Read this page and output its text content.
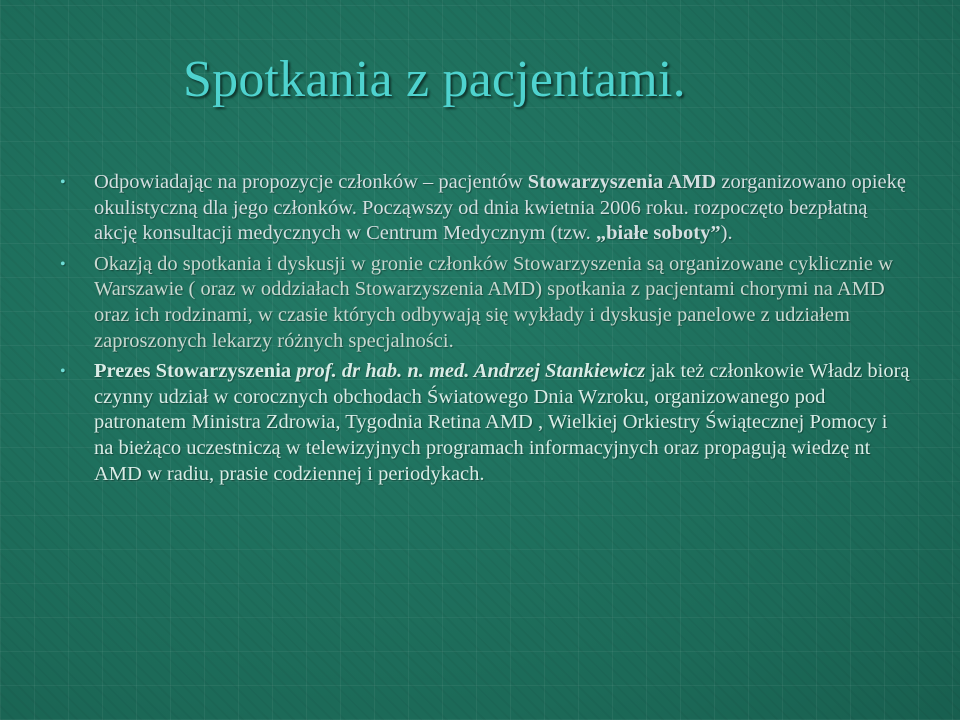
Spotkania z pacjentami.
• Odpowiadając na propozycje członków – pacjentów Stowarzyszenia AMD zorganizowano opiekę okulistyczną dla jego członków. Począwszy od dnia kwietnia 2006 roku. rozpoczęto bezpłatną akcję konsultacji medycznych w Centrum Medycznym (tzw. „białe soboty”).
• Okazją do spotkania i dyskusji w gronie członków Stowarzyszenia są organizowane cyklicznie w Warszawie ( oraz w oddziałach Stowarzyszenia AMD) spotkania z pacjentami chorymi na AMD oraz ich rodzinami, w czasie których odbywają się wykłady i dyskusje panelowe z udziałem zaproszonych lekarzy różnych specjalności.
• Prezes Stowarzyszenia prof. dr hab. n. med. Andrzej Stankiewicz jak też członkowie Władz biorą czynny udział w corocznych obchodach Światowego Dnia Wzroku, organizowanego pod patronatem Ministra Zdrowia, Tygodnia Retina AMD , Wielkiej Orkiestry Świątecznej Pomocy i na bieżąco uczestniczą w telewizyjnych programach informacyjnych oraz propagują wiedzę nt AMD w radiu, prasie codziennej i periodykach.
